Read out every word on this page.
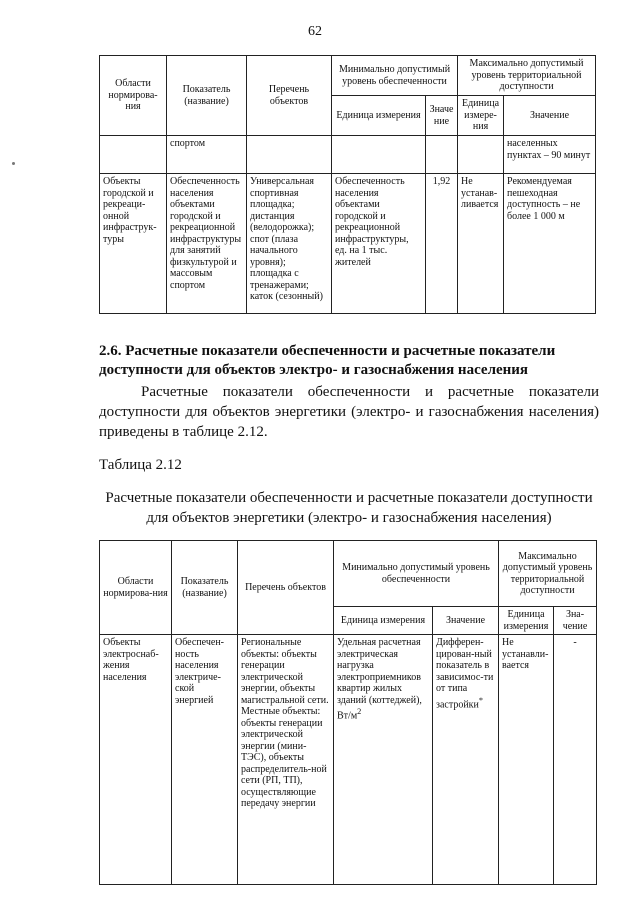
62
Области нормирова-ния	Показатель (название)	Перечень объектов	Минимально допустимый уровень обеспеченности		Максимально допустимый уровень территориальной доступности	
			Единица измерения	Значе ние	Единица измере-ния	Значение
	спортом					населенных пунктах – 90 минут
Объекты городской и рекреаци-онной инфраструк-туры	Обеспеченность населения объектами городской и рекреационной инфраструктуры для занятий физкультурой и массовым спортом	Универсальная спортивная площадка; дистанция (велодорожка); спот (плаза начального уровня); площадка с тренажерами; каток (сезонный)	Обеспеченность населения объектами городской и рекреационной инфраструктуры, ед. на 1 тыс. жителей	1,92	Не устанав-ливается	Рекомендуемая пешеходная доступность – не более 1 000 м
2.6. Расчетные показатели обеспеченности и расчетные показатели доступности для объектов электро- и газоснабжения населения
Расчетные показатели обеспеченности и расчетные показатели доступности для объектов энергетики (электро- и газоснабжения населения) приведены в таблице 2.12.
Таблица 2.12
Расчетные показатели обеспеченности и расчетные показатели доступности для объектов энергетики (электро- и газоснабжения населения)
Области нормирова-ния	Показатель (название)	Перечень объектов	Минимально допустимый уровень обеспеченности		Максимально допустимый уровень территориальной доступности	
			Единица измерения	Значение	Единица измерения	Зна-чение
Объекты электроснаб-жения населения	Обеспечен-ность населения электриче-ской энергией	Региональные объекты: объекты генерации электрической энергии, объекты магистральной сети. Местные объекты: объекты генерации электрической энергии (мини-ТЭС), объекты распределитель-ной сети (РП, ТП), осуществляющие передачу энергии	Удельная расчетная электрическая нагрузка электроприемников квартир жилых зданий (коттеджей), $Вт/м^2$	Дифферен-цирован-ный показатель в зависимос-ти от типа застройки*	Не устанавли-вается	-
